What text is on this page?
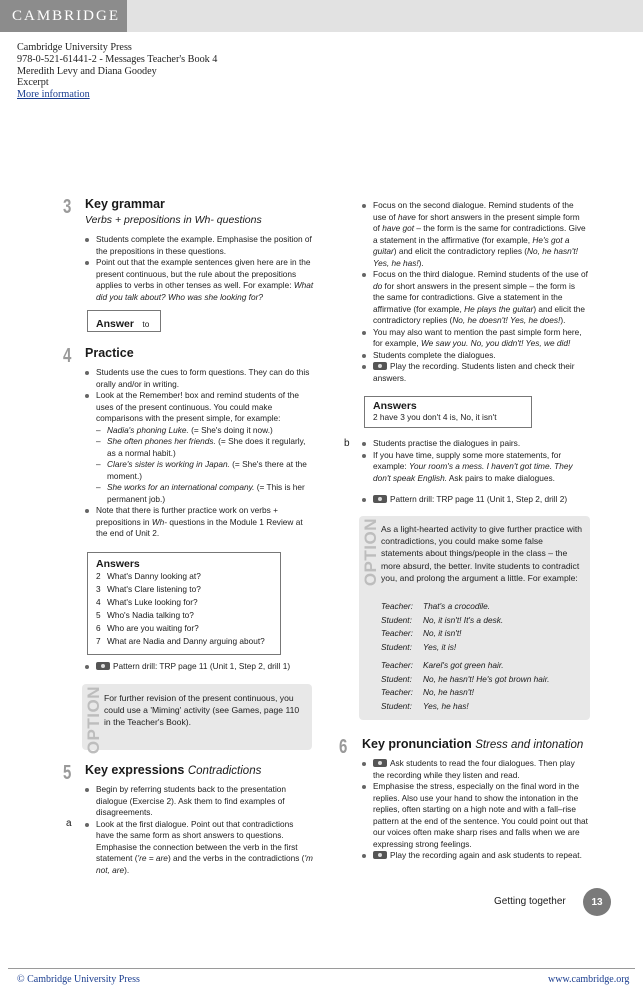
CAMBRIDGE
Cambridge University Press
978-0-521-61441-2 - Messages Teacher's Book 4
Meredith Levy and Diana Goodey
Excerpt
More information
3 Key grammar
Verbs + prepositions in Wh- questions
Students complete the example. Emphasise the position of the prepositions in these questions.
Point out that the example sentences given here are in the present continuous, but the rule about the prepositions applies to verbs in other tenses as well. For example: What did you talk about? Who was she looking for?
Answer to
4 Practice
Students use the cues to form questions. They can do this orally and/or in writing.
Look at the Remember! box and remind students of the uses of the present continuous. You could make comparisons with the present simple, for example:
– Nadia's phoning Luke. (= She's doing it now.)
– She often phones her friends. (= She does it regularly, as a normal habit.)
– Clare's sister is working in Japan. (= She's there at the moment.)
– She works for an international company. (= This is her permanent job.)
Note that there is further practice work on verbs + prepositions in Wh- questions in the Module 1 Review at the end of Unit 2.
Answers
2 What's Danny looking at?
3 What's Clare listening to?
4 What's Luke looking for?
5 Who's Nadia talking to?
6 Who are you waiting for?
7 What are Nadia and Danny arguing about?
Pattern drill: TRP page 11 (Unit 1, Step 2, drill 1)
OPTION For further revision of the present continuous, you could use a 'Miming' activity (see Games, page 110 in the Teacher's Book).
5 Key expressions Contradictions
Begin by referring students back to the presentation dialogue (Exercise 2). Ask them to find examples of disagreements.
Look at the first dialogue. Point out that contradictions have the same form as short answers to questions. Emphasise the connection between the verb in the first statement ('re = are) and the verbs in the contradictions ('m not, are).
a
Focus on the second dialogue. Remind students of the use of have for short answers in the present simple form of have got – the form is the same for contradictions. Give a statement in the affirmative (for example, He's got a guitar) and elicit the contradictory replies (No, he hasn't! Yes, he has!).
Focus on the third dialogue. Remind students of the use of do for short answers in the present simple – the form is the same for contradictions. Give a statement in the affirmative (for example, He plays the guitar) and elicit the contradictory replies (No, he doesn't! Yes, he does!).
You may also want to mention the past simple form here, for example, We saw you. No, you didn't! Yes, we did!
Students complete the dialogues.
Play the recording. Students listen and check their answers.
Answers
2 have 3 you don't 4 is, No, it isn't
b	Students practise the dialogues in pairs.
If you have time, supply some more statements, for example: Your room's a mess. I haven't got time. They don't speak English. Ask pairs to make dialogues.
Pattern drill: TRP page 11 (Unit 1, Step 2, drill 2)
OPTION As a light-hearted activity to give further practice with contradictions, you could make some false statements about things/people in the class – the more absurd, the better. Invite students to contradict you, and prolong the argument a little. For example:
Teacher: That's a crocodile.
Student: No, it isn't! It's a desk.
Teacher: No, it isn't!
Student: Yes, it is!
Teacher: Karel's got green hair.
Student: No, he hasn't! He's got brown hair.
Teacher: No, he hasn't!
Student: Yes, he has!
6 Key pronunciation Stress and intonation
Ask students to read the four dialogues. Then play the recording while they listen and read.
Emphasise the stress, especially on the final word in the replies. Also use your hand to show the intonation in the replies, often starting on a high note and with a fall–rise pattern at the end of the sentence. You could point out that our voices often make sharp rises and falls when we are expressing strong feelings.
Play the recording again and ask students to repeat.
Getting together	13
© Cambridge University Press	www.cambridge.org
